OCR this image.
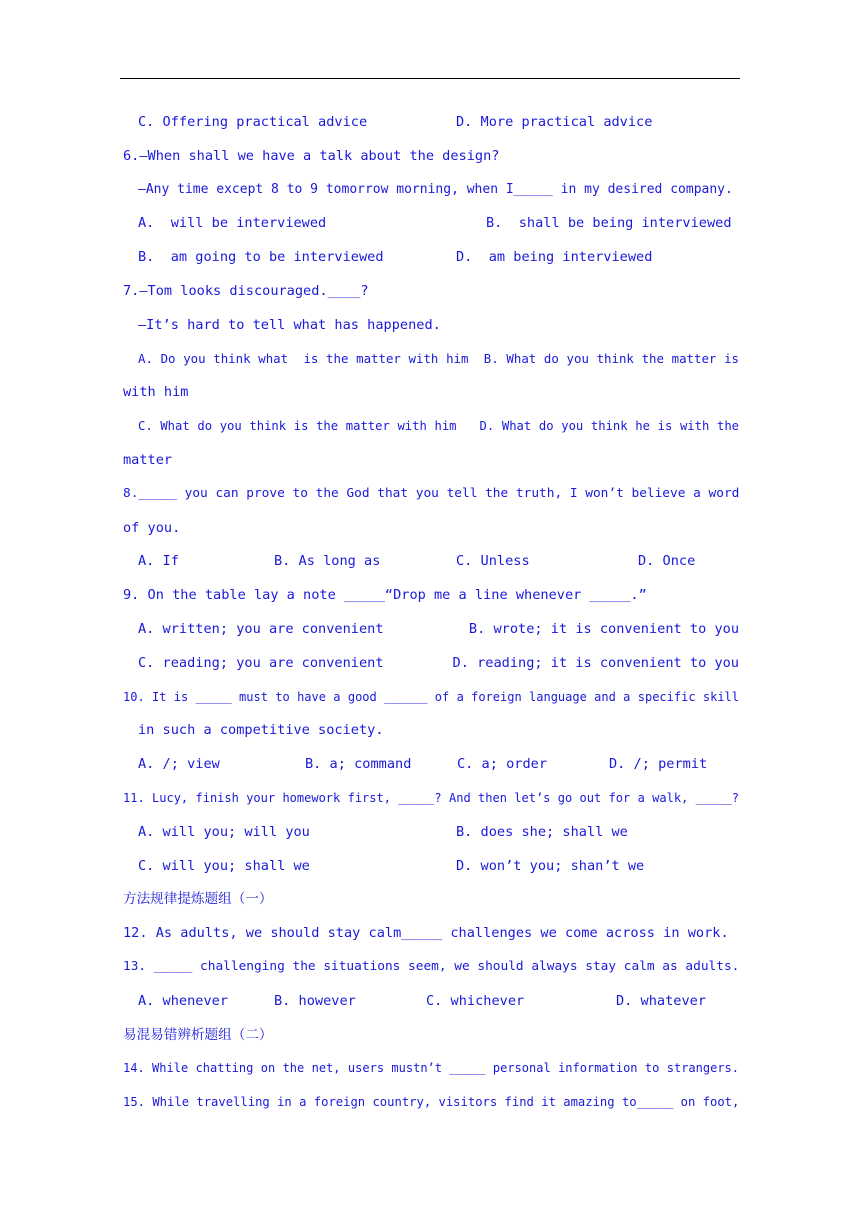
C. Offering practical advice	D. More practical advice
6.—When shall we have a talk about the design?
—Any time except 8 to 9 tomorrow morning, when I_____ in my desired company.
A.  will be interviewed	B.  shall be being interviewed
B.  am going to be interviewed	D.  am being interviewed
7.—Tom looks discouraged.____?
—It’s hard to tell what has happened.
A. Do you think what  is the matter with him  B. What do you think the matter is
with him
C. What do you think is the matter with him   D. What do you think he is with the
matter
8._____ you can prove to the God that you tell the truth, I won’t believe a word
of you.
A. If	B. As long as	C. Unless	D. Once
9. On the table lay a note _____“Drop me a line whenever _____.”
A. written; you are convenient	B. wrote; it is convenient to you
C. reading; you are convenient	D. reading; it is convenient to you
10. It is _____ must to have a good ______ of a foreign language and a specific skill
in such a competitive society.
A. /; view	B. a; command	C. a; order	D. /; permit
11. Lucy, finish your homework first, _____? And then let’s go out for a walk, _____?
A. will you; will you	B. does she; shall we
C. will you; shall we	D. won’t you; shan’t we
方法规律提炼题组（一）
12. As adults, we should stay calm_____ challenges we come across in work.
13. _____ challenging the situations seem, we should always stay calm as adults.
A. whenever	B. however	C. whichever	D. whatever
易混易错辨析题组（二）
14. While chatting on the net, users mustn’t _____ personal information to strangers.
15. While travelling in a foreign country, visitors find it amazing to_____ on foot,
